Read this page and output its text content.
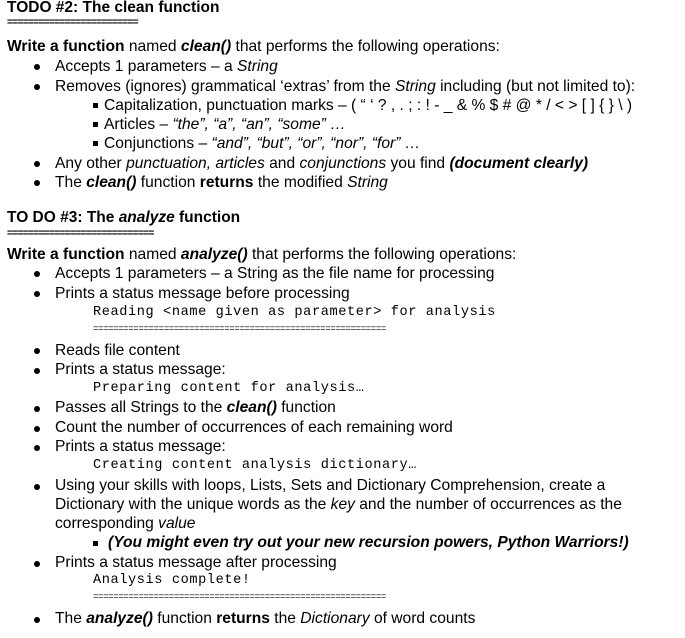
TODO #2: The clean function
=========================
Write a function named clean() that performs the following operations:
Accepts 1 parameters – a String
Removes (ignores) grammatical ‘extras’ from the String including (but not limited to):
Capitalization, punctuation marks – ( “ ‘ ? , . ; : ! - _ & % $ # @ * / < > [ ] { } \ )
Articles – “the”, “a”, “an”, “some” …
Conjunctions – “and”, “but”, “or”, “nor”, “for” …
Any other punctuation, articles and conjunctions you find (document clearly)
The clean() function returns the modified String
TO DO #3: The analyze function
============================
Write a function named analyze() that performs the following operations:
Accepts 1 parameters – a String as the file name for processing
Prints a status message before processing
Reading <name given as parameter> for analysis
==========================================================
Reads file content
Prints a status message:
Preparing content for analysis…
Passes all Strings to the clean() function
Count the number of occurrences of each remaining word
Prints a status message:
Creating content analysis dictionary…
Using your skills with loops, Lists, Sets and Dictionary Comprehension, create a
Dictionary with the unique words as the key and the number of occurrences as the
corresponding value
(You might even try out your new recursion powers, Python Warriors!)
Prints a status message after processing
Analysis complete!
==========================================================
The analyze() function returns the Dictionary of word counts
